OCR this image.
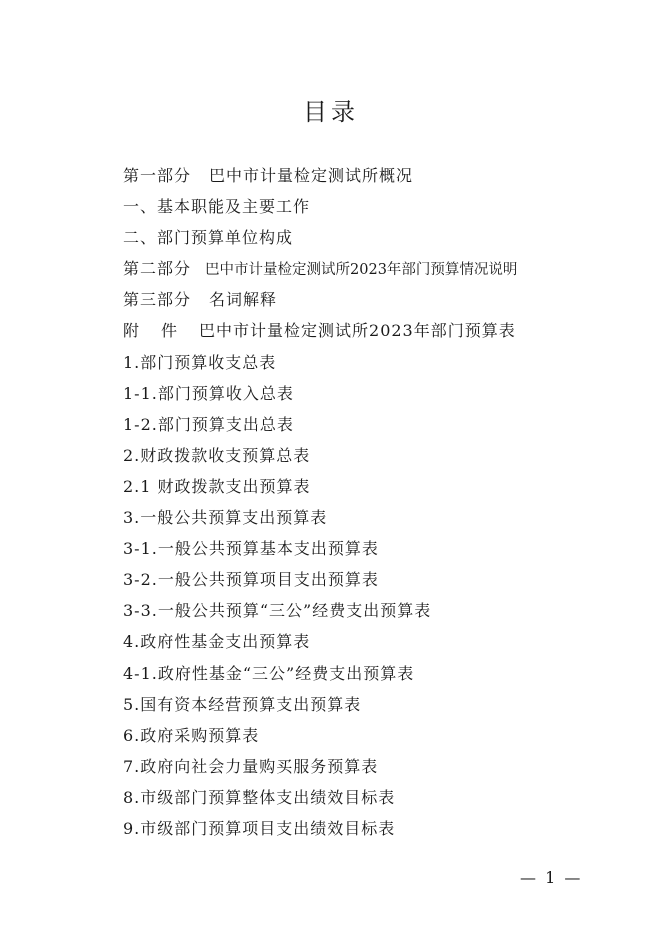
目录
第一部分 巴中市计量检定测试所概况
一、基本职能及主要工作
二、部门预算单位构成
第二部分 巴中市计量检定测试所2023年部门预算情况说明
第三部分 名词解释
附件巴中市计量检定测试所2023年部门预算表
1.部门预算收支总表
1-1.部门预算收入总表
1-2.部门预算支出总表
2.财政拨款收支预算总表
2.1 财政拨款支出预算表
3.一般公共预算支出预算表
3-1.一般公共预算基本支出预算表
3-2.一般公共预算项目支出预算表
3-3.一般公共预算“三公”经费支出预算表
4.政府性基金支出预算表
4-1.政府性基金“三公”经费支出预算表
5.国有资本经营预算支出预算表
6.政府采购预算表
7.政府向社会力量购买服务预算表
8.市级部门预算整体支出绩效目标表
9.市级部门预算项目支出绩效目标表
— 1 —
